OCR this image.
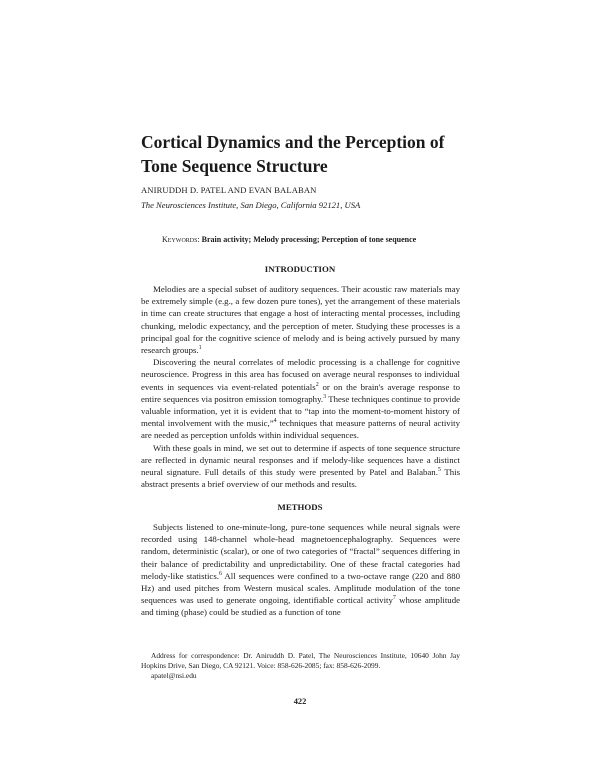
Cortical Dynamics and the Perception of Tone Sequence Structure
ANIRUDDH D. PATEL AND EVAN BALABAN
The Neurosciences Institute, San Diego, California 92121, USA
Keywords: Brain activity; Melody processing; Perception of tone sequence
INTRODUCTION

Melodies are a special subset of auditory sequences. Their acoustic raw materials may be extremely simple (e.g., a few dozen pure tones), yet the arrangement of these materials in time can create structures that engage a host of interacting mental processes, including chunking, melodic expectancy, and the perception of meter. Studying these processes is a principal goal for the cognitive science of melody and is being actively pursued by many research groups.$^1$

Discovering the neural correlates of melodic processing is a challenge for cognitive neuroscience. Progress in this area has focused on average neural responses to individual events in sequences via event-related potentials$^2$ or on the brain's average response to entire sequences via positron emission tomography.$^3$ These techniques continue to provide valuable information, yet it is evident that to “tap into the moment-to-moment history of mental involvement with the music,”$^4$ techniques that measure patterns of neural activity are needed as perception unfolds within individual sequences.

With these goals in mind, we set out to determine if aspects of tone sequence structure are reflected in dynamic neural responses and if melody-like sequences have a distinct neural signature. Full details of this study were presented by Patel and Balaban.$^5$ This abstract presents a brief overview of our methods and results.

METHODS

Subjects listened to one-minute-long, pure-tone sequences while neural signals were recorded using 148-channel whole-head magnetoencephalography. Sequences were random, deterministic (scalar), or one of two categories of “fractal” sequences differing in their balance of predictability and unpredictability. One of these fractal categories had melody-like statistics.$^6$ All sequences were confined to a two-octave range (220 and 880 Hz) and used pitches from Western musical scales. Amplitude modulation of the tone sequences was used to generate ongoing, identifiable cortical activity$^7$ whose amplitude and timing (phase) could be studied as a function of tone

Address for correspondence: Dr. Aniruddh D. Patel, The Neurosciences Institute, 10640 John Jay Hopkins Drive, San Diego, CA 92121. Voice: 858-626-2085; fax: 858-626-2099.

apatel@nsi.edu

422
